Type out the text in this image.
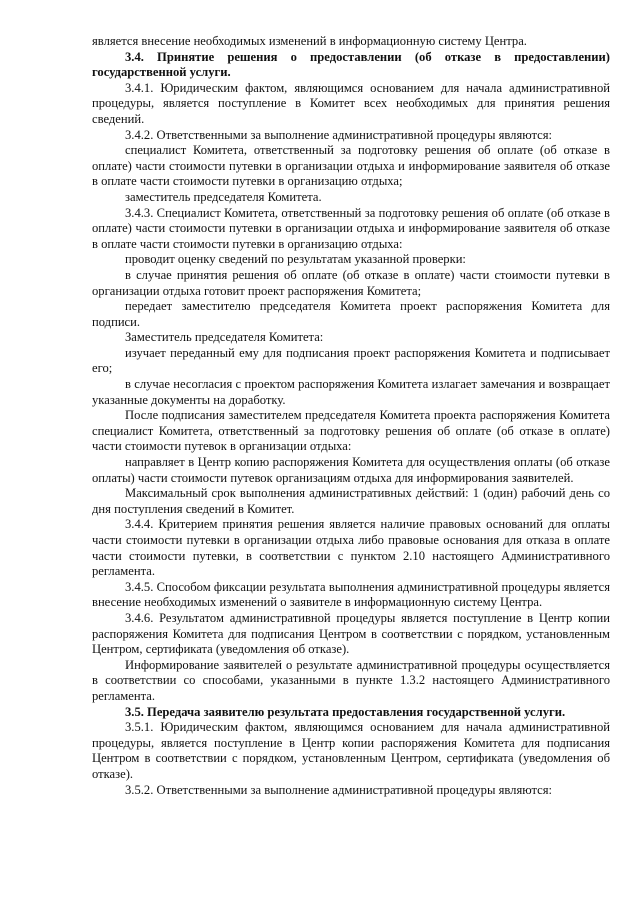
является внесение необходимых изменений в информационную систему Центра.

3.4. Принятие решения о предоставлении (об отказе в предоставлении) государственной услуги.

3.4.1. Юридическим фактом, являющимся основанием для начала административной процедуры, является поступление в Комитет всех необходимых для принятия решения сведений.

3.4.2. Ответственными за выполнение административной процедуры являются:

специалист Комитета, ответственный за подготовку решения об оплате (об отказе в оплате) части стоимости путевки в организации отдыха и информирование заявителя об отказе в оплате части стоимости путевки в организацию отдыха;

заместитель председателя Комитета.

3.4.3. Специалист Комитета, ответственный за подготовку решения об оплате (об отказе в оплате) части стоимости путевки в организации отдыха и информирование заявителя об отказе в оплате части стоимости путевки в организацию отдыха:

проводит оценку сведений по результатам указанной проверки:

в случае принятия решения об оплате (об отказе в оплате) части стоимости путевки в организации отдыха готовит проект распоряжения Комитета;

передает заместителю председателя Комитета проект распоряжения Комитета для подписи.

Заместитель председателя Комитета:

изучает переданный ему для подписания проект распоряжения Комитета и подписывает его;

в случае несогласия с проектом распоряжения Комитета излагает замечания и возвращает указанные документы на доработку.

После подписания заместителем председателя Комитета проекта распоряжения Комитета специалист Комитета, ответственный за подготовку решения об оплате (об отказе в оплате) части стоимости путевок в организации отдыха:

направляет в Центр копию распоряжения Комитета для осуществления оплаты (об отказе оплаты) части стоимости путевок организациям отдыха для информирования заявителей.

Максимальный срок выполнения административных действий: 1 (один) рабочий день со дня поступления сведений в Комитет.

3.4.4. Критерием принятия решения является наличие правовых оснований для оплаты части стоимости путевки в организации отдыха либо правовые основания для отказа в оплате части стоимости путевки, в соответствии с пунктом 2.10 настоящего Административного регламента.

3.4.5. Способом фиксации результата выполнения административной процедуры является внесение необходимых изменений о заявителе в информационную систему Центра.

3.4.6. Результатом административной процедуры является поступление в Центр копии распоряжения Комитета для подписания Центром в соответствии с порядком, установленным Центром, сертификата (уведомления об отказе).

Информирование заявителей о результате административной процедуры осуществляется в соответствии со способами, указанными в пункте 1.3.2 настоящего Административного регламента.

3.5. Передача заявителю результата предоставления государственной услуги.

3.5.1. Юридическим фактом, являющимся основанием для начала административной процедуры, является поступление в Центр копии распоряжения Комитета для подписания Центром в соответствии с порядком, установленным Центром, сертификата (уведомления об отказе).

3.5.2. Ответственными за выполнение административной процедуры являются:
